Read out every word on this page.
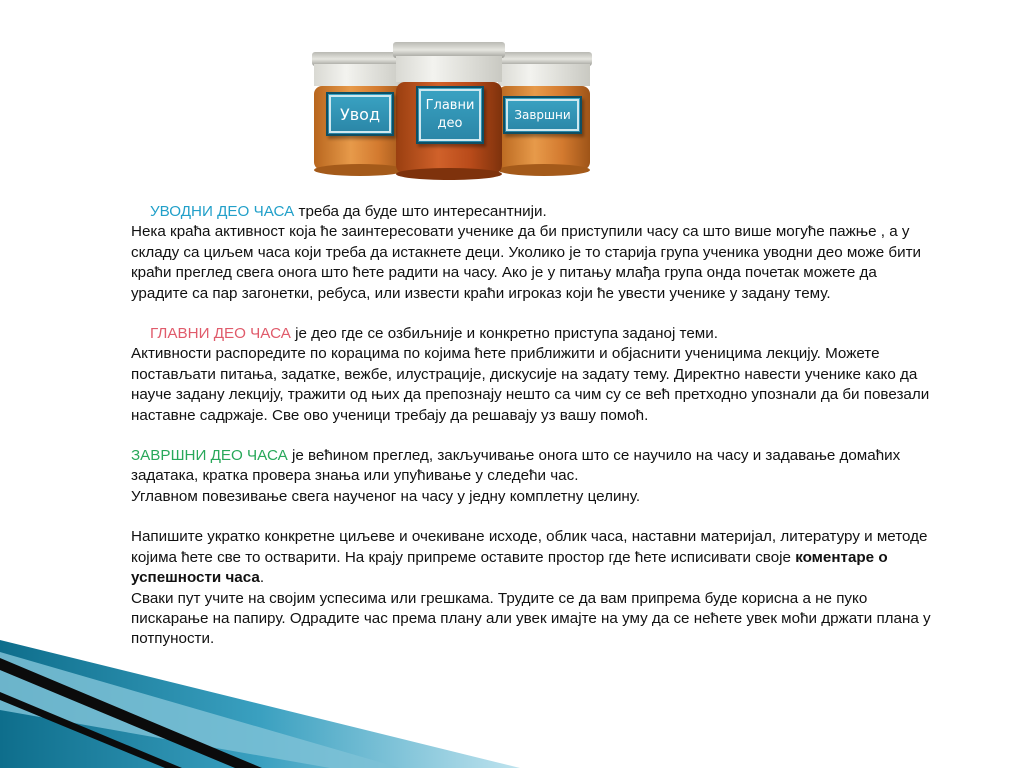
Увод	Главни део
Завршни

УВОДНИ ДЕО ЧАСА треба да буде што интересантнији.

Нека краћа активност која ће заинтересовати ученике да би приступили часу са што више могуће пажње , а у складу са циљем часа који треба да истакнете деци. Уколико је то старија група ученика уводни део може бити краћи преглед свега онога што ћете радити на часу. Ако је у питању млађа група онда почетак можете да урадите са пар загонетки, ребуса, или извести краћи игроказ који ће увести ученике у задану тему.

ГЛАВНИ ДЕО ЧАСА је део где се озбиљније и конкретно приступа заданој теми.

Активности распоредите по корацима по којима ћете приближити и објаснити ученицима лекцију. Можете постављати питања, задатке, вежбе, илустрације, дискусије на задату тему. Директно навести ученике како да науче задану лекцију, тражити од њих да препознају нешто са чим су се већ претходно упознали да би повезали наставне садржаје. Све ово ученици требају да решавају уз вашу помоћ.

ЗАВРШНИ ДЕО ЧАСА је већином преглед, закључивање онога што се научило на часу и задавање домаћих задатака, кратка провера знања или упућивање у следећи час.

Углавном повезивање свега наученог на часу у једну комплетну целину.

Напишите укратко конкретне циљеве и очекиване исходе, облик часа, наставни материјал, литературу и методе којима ћете све то остварити. На крају припреме оставите простор где ћете исписивати своје коментаре о успешности часа.

Сваки пут учите на својим успесима или грешкама. Трудите се да вам припрема буде корисна а не пуко пискарање на папиру. Одрадите час према плану али увек имајте на уму да се нећете увек моћи држати плана у потпуности.
